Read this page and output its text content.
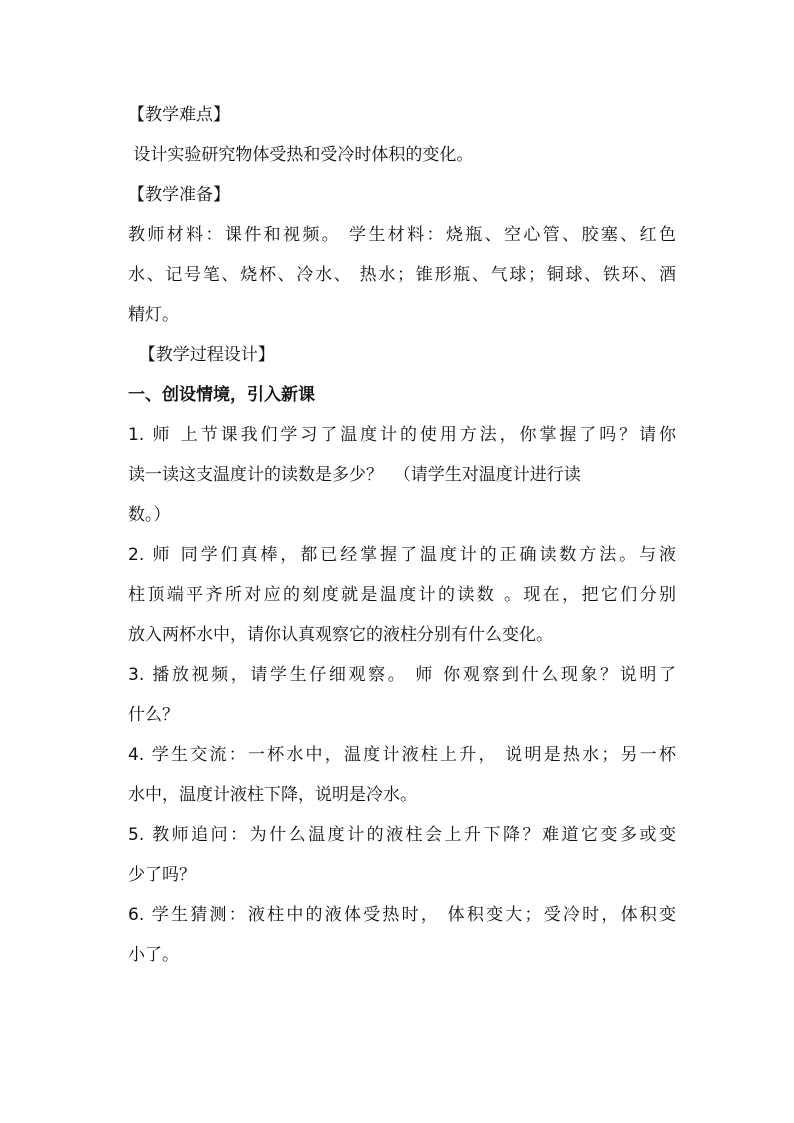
【教学难点】
设计实验研究物体受热和受冷时体积的变化。
【教学准备】
教师材料：课件和视频。 学生材料：烧瓶、空心管、胶塞、红色
水、记号笔、烧杯、冷水、 热水；锥形瓶、气球；铜球、铁环、酒
精灯。
【教学过程设计】
一、创设情境，引入新课
1. 师 上节课我们学习了温度计的使用方法，你掌握了吗？请你
读一读这支温度计的读数是多少？  （请学生对温度计进行读
数。）
2. 师 同学们真棒，都已经掌握了温度计的正确读数方法。与液
柱顶端平齐所对应的刻度就是温度计的读数 。现在，把它们分别
放入两杯水中，请你认真观察它的液柱分别有什么变化。
3. 播放视频，请学生仔细观察。 师 你观察到什么现象？说明了
什么？
4. 学生交流：一杯水中，温度计液柱上升， 说明是热水；另一杯
水中，温度计液柱下降，说明是冷水。
5. 教师追问：为什么温度计的液柱会上升下降？难道它变多或变
少了吗？
6. 学生猜测：液柱中的液体受热时， 体积变大；受冷时，体积变
小了。
